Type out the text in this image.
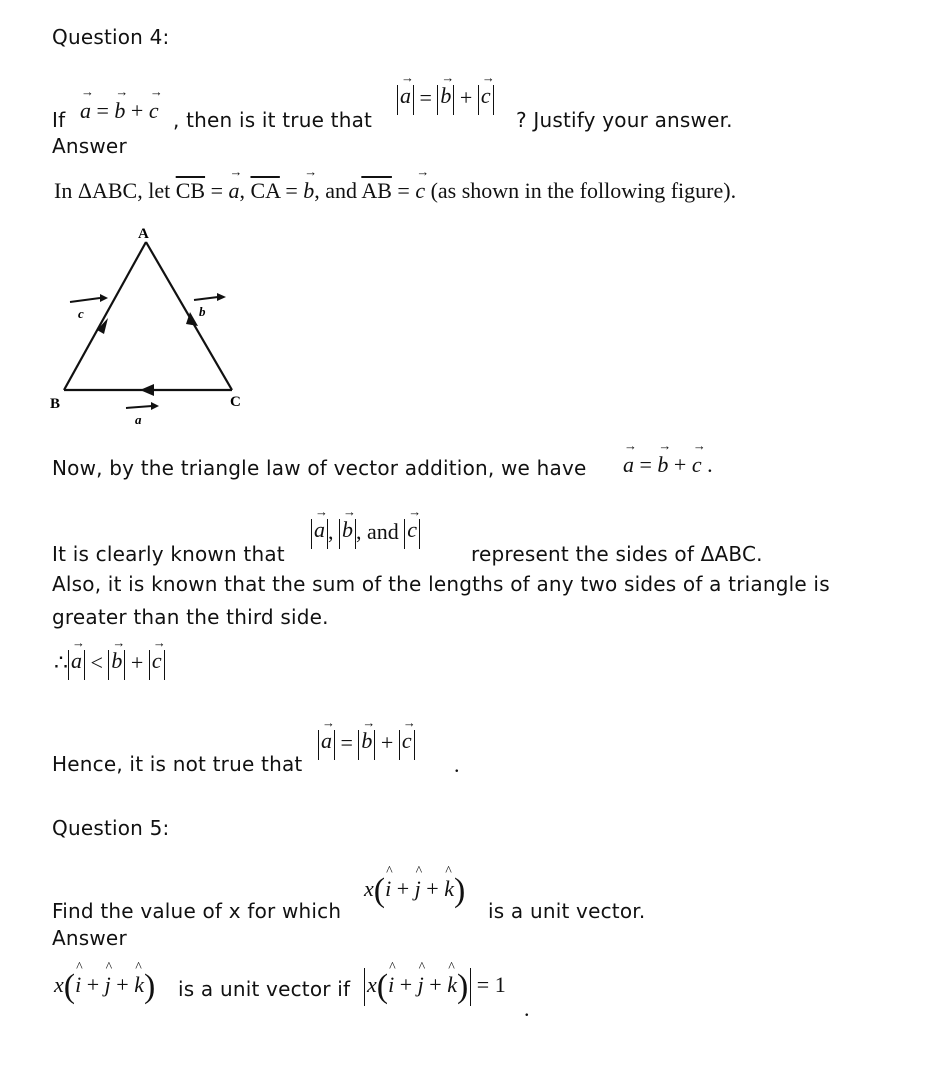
Question 4:
If → a = → b + → c , then is it true that
→ a = → b + → c
? Justify your answer.
Answer
In ΔABC, let $\overline{CB}$ = → a, $\overline{CA}$ = → b, and $\overline{AB}$ = → c (as shown in the following figure).
A
B	C
c	b
a
Now, by the triangle law of vector addition, we have → a = → b + → c .
It is clearly known that
→ a , → b , and → c
represent the sides of ΔABC.
Also, it is known that the sum of the lengths of any two sides of a triangle is
greater than the third side.
∴ → a < → b + → c
Hence, it is not true that
→ a = → b + → c
.
Question 5:
Find the value of x for which
x(^ i + ^ j + ^ k)
is a unit vector.
Answer
x(^ i + ^ j + ^ k) is a unit vector if x(^ i + ^ j + ^ k) = 1
.
